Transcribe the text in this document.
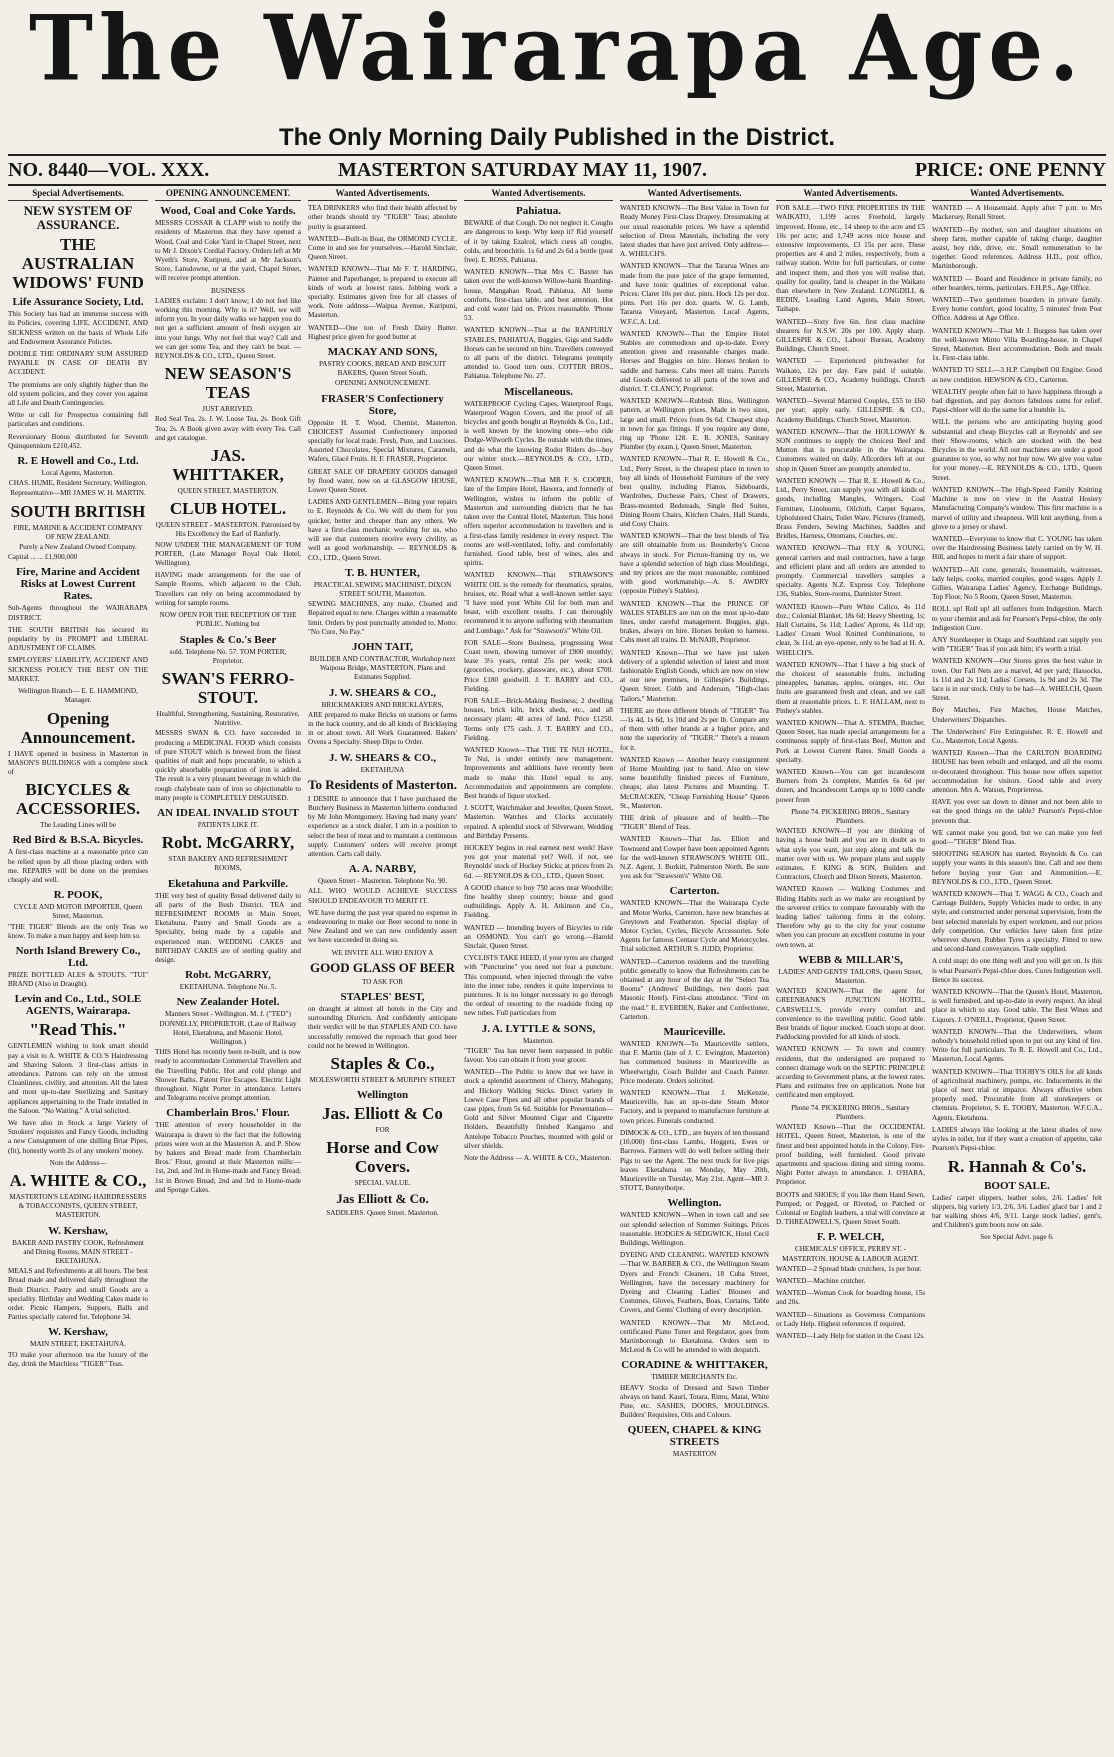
The Wairarapa Age.
The Only Morning Daily Published in the District.
NO. 8440—VOL. XXX.	MASTERTON SATURDAY MAY 11, 1907.	PRICE: ONE PENNY
Special Advertisements.
NEW SYSTEM OF ASSURANCE.
THE AUSTRALIAN WIDOWS' FUND
Life Assurance Society, Ltd.
This Society has had an immense success with its Policies, covering LIFE, ACCIDENT, AND SICKNESS written on the basis of Whole Life and Endowment Assurance Policies.
DOUBLE THE ORDINARY SUM ASSURED PAYABLE IN CASE OF DEATH BY ACCIDENT.
The premiums are only slightly higher than the old system policies, and they cover you against all Life and Death Contingencies.
Write or call for Prospectus containing full particulars and conditions.
Reversionary Bonus distributed for Seventh Quinquennium £210,452.
R. E Howell and Co., Ltd.
Local Agents, Masterton.
CHAS. HUME, Resident Secretary, Wellington.
Representative—MR JAMES W. H. MARTIN.
SOUTH BRITISH
FIRE, MARINE & ACCIDENT COMPANY OF NEW ZEALAND.
Purely a New Zealand Owned Company.
Capital ... ... £1,900,000
Fire, Marine and Accident Risks at Lowest Current Rates.
Sub-Agents throughout the WAIRARAPA DISTRICT.
THE SOUTH BRITISH has secured its popularity by its PROMPT and LIBERAL ADJUSTMENT OF CLAIMS.
EMPLOYERS' LIABILITY, ACCIDENT AND SICKNESS POLICY THE BEST ON THE MARKET.
Wellington Branch— E. E. HAMMOND, Manager.
Opening Announcement.
I HAVE opened in business in Masterton in MASON'S BUILDINGS with a complete stock of
BICYCLES & ACCESSORIES.
The Leading Lines will be
Red Bird & B.S.A. Bicycles.
A first-class machine at a reasonable price can be relied upon by all those placing orders with me. REPAIRS will be done on the premises cheaply and well.
R. POOK,
CYCLE AND MOTOR IMPORTER, Queen Street, Masterton.
"THE TIGER" Blends are the only Teas we know. To make a man happy and keep him so.
North Island Brewery Co., Ltd.
PRIZE BOTTLED ALES & STOUTS. "TUI" BRAND (Also in Draught).
Levin and Co., Ltd., SOLE AGENTS, Wairarapa.
"Read This."
GENTLEMEN wishing to look smart should pay a visit to A. WHITE & CO.'S Hairdressing and Shaving Saloon. 3 first-class artists in attendance. Patrons can rely on the utmost Cleanliness, civility, and attention. All the latest and most up-to-date Sterilizing and Sanitary appliances appertaining to the Trade installed in the Saloon. "No Waiting." A trial solicited.
We have also in Stock a large Variety of Smokers' requisites and Fancy Goods, including a new Consignment of one shilling Briar Pipes, (fit), honestly worth 2s of any smokers' money.
Note the Address—
A. WHITE & CO.,
MASTERTON'S LEADING HAIRDRESSERS & TOBACCONISTS, QUEEN STREET, MASTERTON.
W. Kershaw,
BAKER AND PASTRY COOK, Refreshment and Dining Rooms, MAIN STREET - EKETAHUNA.
MEALS and Refreshments at all hours. The best Bread made and delivered daily throughout the Bush District. Pastry and small Goods are a speciality. Birthday and Wedding Cakes made to order. Picnic Hampers, Suppers, Balls and Parties specially catered for. Telephone 34.
W. Kershaw,
MAIN STREET, EKETAHUNA.
TO make your afternoon tea the luxury of the day, drink the Matchless "TIGER" Teas.
OPENING ANNOUNCEMENT.
Wood, Coal and Coke Yards.
MESSRS COSSAR & CLAPP wish to notify the residents of Masterton that they have opened a Wood, Coal and Coke Yard in Chapel Street, next to Mr J. Dixon's Cordial Factory. Orders left at Mr Wyeth's Store, Kuripuni, and at Mr Jackson's Store, Lansdowne, or at the yard, Chapel Street, will receive prompt attention.
BUSINESS
LADIES exclaim: I don't know; I do not feel like working this morning. Why is it? Well, we will inform you. In your daily walks we happen you do not get a sufficient amount of fresh oxygen air into your lungs. Why not feel that way? Call and we can get some Tea, and they can't be beat. — REYNOLDS & CO., LTD., Queen Street.
NEW SEASON'S TEAS
JUST ARRIVED.
Red Seal Tea, 2s. J. W. Loose Tea, 2s. Book Gift Tea, 2s. A Book given away with every Tea. Call and get catalogue.
JAS. WHITTAKER,
QUEEN STREET, MASTERTON.
CLUB HOTEL.
QUEEN STREET - MASTERTON. Patronised by His Excellency the Earl of Ranfurly.
NOW UNDER THE MANAGEMENT OF TOM PORTER, (Late Manager Royal Oak Hotel, Wellington).
HAVING made arrangements for the use of Sample Rooms, which adjacent to the Club, Travellers can rely on being accommodated by writing for sample rooms.
NOW OPEN FOR THE RECEPTION OF THE PUBLIC. Nothing but
Staples & Co.'s Beer
sold. Telephone No. 57. TOM PORTER, Proprietor.
SWAN'S FERRO-STOUT.
Healthful, Strengthening, Sustaining, Restorative, Nutritive.
MESSRS SWAN & CO. have succeeded in producing a MEDICINAL FOOD which consists of pure STOUT which is brewed from the finest qualities of malt and hops procurable, to which a quickly absorbable preparation of iron is added. The result is a very pleasant beverage in which the rough chalybeate taste of iron so objectionable to many people is COMPLETELY DISGUISED.
AN IDEAL INVALID STOUT
PATIENTS LIKE IT.
Robt. McGARRY,
STAR BAKERY AND REFRESHMENT ROOMS,
Eketahuna and Parkville.
THE very best of quality Bread delivered daily to all parts of the Bush District. TEA and REFRESHMENT ROOMS in Main Street, Eketahuna. Pastry and Small Goods are a Speciality, being made by a capable and experienced man. WEDDING CAKES and BIRTHDAY CAKES are of sterling quality and design.
Robt. McGARRY,
EKETAHUNA. Telephone No. 5.
New Zealander Hotel.
Manners Street - Wellington. M. J. ("TED") DONNELLY, PROPRIETOR. (Late of Railway Hotel, Eketahuna, and Masonic Hotel, Wellington.)
THIS Hotel has recently been re-built, and is now ready to accommodate Commercial Travellers and the Travelling Public. Hot and cold plunge and Shower Baths. Patent Fire Escapes. Electric Light throughout. Night Porter in attendance. Letters and Telegrams receive prompt attention.
Chamberlain Bros.' Flour.
THE attention of every householder in the Wairarapa is drawn to the fact that the following prizes were won at the Masterton A. and P. Show by bakers and Bread made from Chamberlain Bros.' Flour, ground at their Masterton mills:— 1st, 2nd, and 3rd in Home-made and Fancy Bread; 1st in Brown Bread; 2nd and 3rd in Home-made and Sponge Cakes.
Wanted Advertisements.
TEA DRINKERS who find their health affected by other brands should try "TIGER" Teas; absolute purity is guaranteed.
WANTED—Built-in Boat, the ORMOND CYCLE. Come in and see for yourselves.—Harold Sinclair, Queen Street.
WANTED KNOWN—That Mr F. T. HARDING, Painter and Paperhanger, is prepared to execute all kinds of work at lowest rates. Jobbing work a specialty. Estimates given free for all classes of work. Note address—Waipua Avenue, Kuripuni, Masterton.
WANTED—One ton of Fresh Dairy Butter. Highest price given for good butter at
MACKAY AND SONS,
PASTRY COOKS, BREAD AND BISCUIT BAKERS, Queen Street South.
OPENING ANNOUNCEMENT.
FRASER'S Confectionery Store,
Opposite H. T. Wood, Chemist, Masterton. CHOICEST Assorted Confectionery imported specially for local trade. Fresh, Pure, and Luscious. Assorted Chocolates, Special Mixtures, Caramels, Wafers, Glacé Fruits. H. F. FRASER, Proprietor.
GREAT SALE OF DRAPERY GOODS damaged by flood water, now on at GLASGOW HOUSE, Lower Queen Street.
LADIES AND GENTLEMEN—Bring your repairs to E. Reynolds & Co. We will do them for you quicker, better and cheaper than any others. We have a first-class mechanic working for us, who will see that customers receive every civility, as well as good workmanship. — REYNOLDS & CO., LTD., Queen Street.
T. B. HUNTER,
PRACTICAL SEWING MACHINIST, DIXON STREET SOUTH, Masterton.
SEWING MACHINES, any make, Cleaned and Repaired equal to new. Charges within a reasonable limit. Orders by post punctually attended to. Motto: "No Cure, No Pay."
JOHN TAIT,
BUILDER AND CONTRACTOR, Workshop next Waipoua Bridge, MASTERTON. Plans and Estimates Supplied.
J. W. SHEARS & CO.,
BRICKMAKERS AND BRICKLAYERS,
ARE prepared to make Bricks on stations or farms in the back country, and do all kinds of Bricklaying in or about town. All Work Guaranteed. Bakers' Ovens a Specialty. Sheep Dips to Order.
J. W. SHEARS & CO.,
EKETAHUNA
To Residents of Masterton.
I DESIRE to announce that I have purchased the Butchery Business in Masterton hitherto conducted by Mr John Montgomery. Having had many years' experience as a stock dealer, I am in a position to select the best of meat and to maintain a continuous supply. Customers' orders will receive prompt attention. Carts call daily.
A. A. NARBY,
Queen Street - Masterton. Telephone No. 90.
ALL WHO WOULD ACHIEVE SUCCESS SHOULD ENDEAVOUR TO MERIT IT.
WE have during the past year spared no expense in endeavouring to make our Beer second to none in New Zealand and we can now confidently assert we have succeeded in doing so.
WE INVITE ALL WHO ENJOY A
GOOD GLASS OF BEER
TO ASK FOR
STAPLES' BEST,
on draught at almost all hotels in the City and surrounding Districts. And confidently anticipate their verdict will be that STAPLES AND CO. have successfully removed the reproach that good beer could not be brewed in Wellington.
Staples & Co.,
MOLESWORTH STREET & MURPHY STREET
Wellington
Jas. Elliott & Co
FOR
Horse and Cow Covers.
SPECIAL VALUE.
Jas Elliott & Co.
SADDLERS. Queen Street. Masterton.
Wanted Advertisements.
Pahiatua.
BEWARE of that Cough. Do not neglect it. Coughs are dangerous to keep. Why keep it? Rid yourself of it by taking Ezalcol, which cures all coughs, colds, and bronchitis. 1s 6d and 2s 6d a bottle (post free). E. ROSS, Pahiatua.
WANTED KNOWN—That Mrs C. Baxter has taken over the well-known Willow-bank Boarding-house, Mangahao Road, Pahiatua. All home comforts, first-class table, and best attention. Hot and cold water laid on. Prices reasonable. 'Phone 53.
WANTED KNOWN—That at the RANFURLY STABLES, PAHIATUA, Buggies, Gigs and Saddle Horses can be secured on hire. Travellers conveyed to all parts of the district. Telegrams promptly attended to. Good turn outs. COTTER BROS., Pahiatua. Telephone No. 27.
Miscellaneous.
WATERPROOF Cycling Capes, Waterproof Rugs, Waterproof Wagon Covers, and the proof of all bicycles and goods bought at Reynolds & Co., Ltd., is well known by the knowing ones—who ride Dodge-Wilworth Cycles. Be outside with the times, and do what the knowing Rodor Riders do—buy our winter stock.—REYNOLDS & CO., LTD., Queen Street.
WANTED KNOWN—That MR F. S. COOPER, late of the Empire Hotel, Hawera, and formerly of Wellington, wishes to inform the public of Masterton and surrounding districts that he has taken over the Central Hotel, Masterton. This hotel offers superior accommodation to travellers and is a first-class family residence in every respect. The rooms are well-ventilated, lofty, and comfortably furnished. Good table, best of wines, ales and spirits.
WANTED KNOWN—That STRAWSON'S WHITE OIL is the remedy for rheumatics, sprains, bruises, etc. Read what a well-known settler says: "I have used your White Oil for both man and beast, with excellent results. I can thoroughly recommend it to anyone suffering with rheumatism and Lumbago." Ask for "Strawson's" White Oil.
FOR SALE—Store Business, progressing West Coast town, showing turnover of £900 monthly; lease 3½ years, rental 25s per week; stock (groceries, crockery, glassware, etc.), about £700. Price £180 goodwill. J. T. BARRY and CO., Fielding.
FOR SALE—Brick-Making Business; 2 dwelling houses, brick kiln, brick sheds, etc., and all necessary plant; 48 acres of land. Price £1250. Terms only £75 cash. J. T. BARRY and CO., Fielding.
WANTED Known—That THE TE NUI HOTEL, Te Nui, is under entirely new management. Improvements and additions have recently been made to make this Hotel equal to any. Accommodation and appointments are complete. Best brands of liquor stocked.
J. SCOTT, Watchmaker and Jeweller, Queen Street, Masterton. Watches and Clocks accurately repaired. A splendid stock of Silverware, Wedding and Birthday Presents.
HOCKEY begins in real earnest next week! Have you got your material yet? Well, if not, see Reynolds' stock of Hockey Sticks; at prices from 2s 6d. — REYNOLDS & CO., LTD., Queen Street.
A GOOD chance to buy 750 acres near Woodville; fine healthy sheep country; house and good outbuildings. Apply A. H. Atkinson and Co., Fielding.
WANTED — Intending buyers of Bicycles to ride an OSMOND. You can't go wrong.—Harold Sinclair, Queen Street.
CYCLISTS TAKE HEED, if your tyres are charged with "Puncturine" you need not fear a puncture. This compound, when injected through the valve into the inner tube, renders it quite impervious to punctures. It is no longer necessary to go through the ordeal of resorting to the roadside fixing up new tubes. Full particulars from
J. A. LYTTLE & SONS,
Masterton.
"TIGER" Tea has never been surpassed in public favour. You can obtain it from your grocer.
WANTED—The Public to know that we have in stock a splendid assortment of Cherry, Mahogany, and Hickory Walking Sticks. Direct variety in Loewe Case Pipes and all other popular brands of case pipes, from 5s 6d. Suitable for Presentation—Gold and Silver Mounted Cigar and Cigarette Holders. Beautifully finished Kangaroo and Antelope Tobacco Pouches, mounted with gold or silver shields.
Note the Address — A. WHITE & CO., Masterton.
Wanted Advertisements.
WANTED KNOWN—The Best Value in Town for Ready Money First-Class Drapery. Dressmaking at our usual reasonable prices. We have a splendid selection of Dress Materials, including the very latest shades that have just arrived. Only address—A. WHELCH'S.
WANTED KNOWN—That the Tararua Wines are made from the pure juice of the grape fermented, and have tonic qualities of exceptional value. Prices: Claret 10s per doz. pints. Hock 12s per doz. pints. Port 16s per doz. quarts. W. G. Lamb, Tararua Vineyard, Masterton. Local Agents, W.F.C.A. Ltd.
WANTED KNOWN—That the Empire Hotel Stables are commodious and up-to-date. Every attention given and reasonable charges made. Horses and Buggies on hire. Horses broken to saddle and harness. Cabs meet all trains. Parcels and Goods delivered to all parts of the town and district. T. CLANCY, Proprietor.
WANTED KNOWN—Rubbish Bins, Wellington pattern, at Wellington prices. Made in two sizes, large and small. Prices from 9s 6d. Cheapest shop in town for gas fittings. If you require any done, ring up 'Phone 128. E. R. JONES, Sanitary Plumber (by exam.), Queen Street, Masterton.
WANTED KNOWN—That R. E. Howell & Co., Ltd., Perry Street, is the cheapest place in town to buy all kinds of Household Furniture of the very best quality, including Pianos, Sideboards, Wardrobes, Duchesse Pairs, Chest of Drawers, Brass-mounted Bedsteads, Single Bed Suites, Dining Room Chairs, Kitchen Chairs, Hall Stands, and Cosy Chairs.
WANTED KNOWN—That the best blends of Tea are still obtainable from us. Bounderby's Cocoa always in stock. For Picture-framing try us, we have a splendid selection of high class Mouldings, and my prices are the most reasonable, combined with good workmanship.—A. S. AWDRY (opposite Pinhey's Stables).
WANTED KNOWN—That the PRINCE OF WALES STABLES are run on the most up-to-date lines, under careful management. Buggies, gigs, brakes, always on hire. Horses broken to harness. Cabs meet all trains. D. McNAIR, Proprietor.
WANTED Known—That we have just taken delivery of a splendid selection of latest and most fashionable English Goods, which are now on view at our new premises, in Gillespie's Buildings, Queen Street. Cobb and Anderson, "High-class Tailors," Masterton.
THERE are three different blends of "TIGER" Tea—1s 4d, 1s 6d, 1s 10d and 2s per lb. Compare any of them with other brands at a higher price, and note the superiority of "TIGER." There's a reason for it.
WANTED Known — Another heavy consignment of Home Moulding just to hand. Also on view some beautifully finished pieces of Furniture, cheaps; also latest Pictures and Mounting. T. McCRACKEN, "Cheap Furnishing House" Queen St., Masterton.
THE drink of pleasure and of health—The "TIGER" Blend of Teas.
WANTED Known—That Jas. Elliott and Townsend and Cowper have been appointed Agents for the well-known STRAWSON'S WHITE OIL. N.Z. Agent, J. Burkitt, Palmerston North. Be sure you ask for "Strawson's" White Oil.
Carterton.
WANTED KNOWN—That the Wairarapa Cycle and Motor Works, Carterton, have new branches at Greytown and Featherston. Special display of Motor Cycles, Cycles, Bicycle Accessories. Sole Agents for famous Centaur Cycle and Motorcycles. Trial solicited. ARTHUR S. JUDD, Proprietor.
WANTED—Carterton residents and the travelling public generally to know that Refreshments can be obtained at any hour of the day at the "Select Tea Rooms" (Andrews' Buildings, two doors past Masonic Hotel). First-class attendance. "First on the road." E. EVERDEN, Baker and Confectioner, Carterton.
Mauriceville.
WANTED KNOWN—To Mauriceville settlers, that F. Martin (late of J. C. Ewington, Masterton) has commenced business in Mauriceville as Wheelwright, Coach Builder and Coach Painter. Price moderate. Orders solicited.
WANTED KNOWN—That J. McKenzie, Mauriceville, has an up-to-date Steam Motor Factory, and is prepared to manufacture furniture at town prices. Funerals conducted.
DIMOCK & CO., LTD., are buyers of ten thousand (10,000) first-class Lambs, Hoggets, Ewes or Barrows. Farmers will do well before selling their Pigs to see the Agent. The next truck for live pigs leaves Eketahuna on Monday, May 20th, Mauriceville on Tuesday, May 21st. Agent—MR J. STOTT, Bunnythorpe.
Wellington.
WANTED KNOWN—When in town call and see our splendid selection of Summer Suitings. Prices reasonable. HODGES & SEDGWICK, Hotel Cecil Buildings, Wellington.
DYEING AND CLEANING. WANTED KNOWN—That W. BARBER & CO., the Wellington Steam Dyers and French Cleaners, 18 Cuba Street, Wellington, have the necessary machinery for Dyeing and Cleaning Ladies' Blouses and Costumes, Gloves, Feathers, Boas, Curtains, Table Covers, and Gents' Clothing of every description.
WANTED KNOWN—That Mr McLeod, certificated Piano Tuner and Regulator, goes from Martinborough to Eketahuna. Orders sent to McLeod & Co will be attended to with despatch.
CORADINE & WHITTAKER,
TIMBER MERCHANTS Etc.
HEAVY Stocks of Dressed and Sawn Timber always on hand. Kauri, Totara, Rimu, Matai, White Pine, etc. SASHES, DOORS, MOULDINGS. Builders' Requisites, Oils and Colours.
QUEEN, CHAPEL & KING STREETS
MASTERTON
Wanted Advertisements.
FOR SALE.—TWO FINE PROPERTIES IN THE WAIKATO, 1,199 acres Freehold, largely improved. House, etc., 14 sheep to the acre and £5 10s per acre; and 1,749 acres nice house and extensive improvements, £3 15s per acre. These properties are 4 and 2 miles, respectively, from a railway station. Write for full particulars, or come and inspect them, and then you will realise that, quality for quality, land is cheaper in the Waikato than elsewhere in New Zealand. LONGDILL & REDIN, Leading Land Agents, Main Street, Taihape.
WANTED—Sixty five 6in. first class machine shearers for N.S.W. 20s per 100. Apply sharp. GILLESPIE & CO., Labour Bureau, Academy Buildings, Church Street.
WANTED — Experienced pitchwasher for Waikato, 12s per day. Fare paid if suitable. GILLESPIE & CO., Academy buildings, Church Street, Masterton.
WANTED—Several Married Couples, £55 to £60 per year; apply early. GILLESPIE & CO., Academy Buildings, Church Street, Masterton.
WANTED KNOWN—That the HOLLOWAY & SON continues to supply the choicest Beef and Mutton that is procurable in the Wairarapa. Customers waited on daily. Allcorders left at our shop in Queen Street are promptly attended to.
WANTED KNOWN — That R. E. Howell & Co., Ltd., Perry Street, can supply you with all kinds of goods, including Mangles, Wringers, Coal Furniture, Linoleums, Oilcloth, Carpet Squares, Upholstered Chairs, Toilet Ware, Pictures (framed), Brass Fenders, Sewing Machines, Saddles and Bridles, Harness, Ottomans, Couches, etc.
WANTED KNOWN—That FLY & YOUNG, general carriers and mail contractors, have a large and efficient plant and all orders are attended to promptly. Commercial travellers samples a specialty. Agents N.Z. Express Coy. Telephone 136, Stables, Store-rooms, Dannister Street.
WANTED Known—Pure White Calico, 4s 11d doz.; Colonial Blanket, 18s 6d; Heavy Sheeting, 1s; Hall Curtains, 5s 11d; Ladies' Aprons, 4s 11d up; Ladies' Cream Wool Knitted Combinations, to clear, 3s 11d, an eye-opener, only to be had at H. A. WHELCH'S.
WANTED KNOWN—That I have a big stock of the choicest of seasonable fruits, including pineapples, bananas, apples, oranges, etc. Our fruits are guaranteed fresh and clean, and we call them at reasonable prices. L. F. HALLAM, next to Pinhey's stables.
WANTED KNOWN—That A. STEMPA, Butcher, Queen Street, has made special arrangements for a continuous supply of first-class Beef, Mutton and Pork at Lowest Current Rates. Small Goods a specialty.
WANTED Known—You can get incandescent Burners from 2s complete, Mantles 6s 6d per dozen, and Incandescent Lamps up to 1000 candle power from
Phone 74. PICKERING BROS., Sanitary Plumbers.
WANTED KNOWN—If you are thinking of having a house built and you are in doubt as to what style you want, just step along and talk the matter over with us. We prepare plans and supply estimates. F. KING & SON, Builders and Contractors, Church and Dixon Streets, Masterton.
WANTED Known — Walking Costumes and Riding Habits such as we make are recognised by the severest critics to compare favourably with the leading ladies' tailoring firms in the colony. Therefore why go to the city for your costume when you can procure an excellent costume in your own town, at
WEBB & MILLAR'S,
LADIES' AND GENTS' TAILORS, Queen Street, Masterton.
WANTED KNOWN—That the agent for GREENBANK'S JUNCTION HOTEL, CARSWELL'S, provide every comfort and convenience to the travelling public. Good table. Best brands of liquor stocked. Coach stops at door. Paddocking provided for all kinds of stock.
WANTED KNOWN — To town and country residents, that the undersigned are prepared to connect drainage work on the SEPTIC PRINCIPLE according to Government plans, at the lowest rates. Plans and estimates free on application. None but certificated men employed.
Phone 74. PICKERING BROS., Sanitary Plumbers.
WANTED Known—That the OCCIDENTAL HOTEL, Queen Street, Masterton, is one of the finest and best appointed hotels in the Colony. Fire-proof building, well furnished. Good private apartments and spacious dining and sitting rooms. Night Porter always in attendance. J. O'HARA, Proprietor.
BOOTS and SHOES; if you like them Hand Sewn, Pumped, or Pegged, or Riveted, or Patched or Colonial or English leathers, a trial will convince at D. THREADWELL'S, Queen Street South.
F. P. WELCH,
CHEMICALS' OFFICE, PERRY ST. - MASTERTON. HOUSE & LABOUR AGENT.
WANTED—2 Spread blade crutchers, 1s per hour.
WANTED—Machine crutcher.
WANTED—Woman Cook for boarding house, 15s and 20s.
WANTED—Situations as Governess Companions or Lady Help. Highest references if required.
WANTED—Lady Help for station in the Coast 12s.
Wanted Advertisements.
WANTED — A Housemaid. Apply after 7 p.m. to Mrs Mackersey, Renall Street.
WANTED—By mother, son and daughter situations on sheep farm, mother capable of taking charge, daughter assist, boy ride, drive, etc. Small remuneration to be together. Good references. Address H.D., post office, Martinborough.
WANTED — Board and Residence in private family, no other boarders, terms, particulars. F.H.P.S., Age Office.
WANTED—Two gentlemen boarders in private family. Every home comfort, good locality, 5 minutes' from Post Office. Address at Age Office.
WANTED KNOWN—That Mr J. Burgess has taken over the well-known Minto Villa Boarding-house, in Chapel Street, Masterton. Best accommodation. Beds and meals 1s. First-class table.
WANTED TO SELL—3 H.P. Campbell Oil Engine. Good as new condition. HEWSON & CO., Carterton.
WEALTHY people often fail to have happiness through a bad digestion, and pay doctors fabulous sums for relief. Papsi-chloer will do the same for a humble 1s.
WILL the persons who are anticipating buying good substantial and cheap Bicycles call at Reynolds' and see their Show-rooms, which are stocked with the best Bicycles in the world. All our machines are under a good guarantee to you, so why not buy now. We give you value for your money.—E. REYNOLDS & CO., LTD., Queen Street.
WANTED KNOWN—The High-Speed Family Knitting Machine is now on view in the Austral Hosiery Manufacturing Company's window. This first machine is a marvel of utility and cheapness. Will knit anything, from a glove to a jersey or shawl.
WANTED—Everyone to know that C. YOUNG has taken over the Hairdressing Business lately carried on by W. H. Hill, and hopes to merit a fair share of support.
WANTED—All cone, generals, housemaids, waitresses, lady helps, cooks, married couples, good wages. Apply J. Gillies, Wairarapa Ladies' Agency, Exchange Buildings, Top Floor, No 5 Room, Queen Street, Masterton.
ROLL up! Roll up! all sufferers from Indigestion. March to your chemist and ask for Pearson's Pepsi-chloe, the only Indigestion Cure.
ANY Storekeeper in Otago and Southland can supply you with "TIGER" Teas if you ask him; it's worth a trial.
WANTED KNOWN—Our Stores gives the best value in town. Our Fall Nets are a marvel, 4d per yard; Hassocks, 1s 11d and 2s 11d; Ladies' Corsets, 1s 9d and 2s 3d. The lace is in our stock. Only to be had—A. WHELCH, Queen Street.
Boy Matches, Fire Matches, House Matches, Underwriters' Dispatches.
The Underwriters' Fire Extinguisher. R. E. Howell and Co., Masterton, Local Agents.
WANTED Known—That the CARLTON BOARDING HOUSE has been rebuilt and enlarged, and all the rooms re-decorated throughout. This house now offers superior accommodation for visitors. Good table and every attention. Mrs A. Watson, Proprietress.
HAVE you ever sat down to dinner and not been able to eat the good things on the table? Pearson's Pepsi-chloe prevents that.
WE cannot make you good, but we can make you feel good—"TIGER" Blend Teas.
SHOOTING SEASON has started. Reynolds & Co. can supply your wants in this season's line. Call and see them before buying your Gun and Ammunition.—E. REYNOLDS & CO., LTD., Queen Street.
WANTED KNOWN—That T. WAGG & CO., Coach and Carriage Builders, Supply Vehicles made to order, in any style, and constructed under personal supervision, from the best selected materials by expert workmen, and our prices defy competition. Our vehicles have taken first prize wherever shown. Rubber Tyres a specialty. Fitted to new and second-hand conveyances. Trade supplied.
A cold snap; do one thing well and you will get on. Is this is what Pearson's Pepsi-chloe does. Cures Indigestion well. Hence its success.
WANTED KNOWN—That the Queen's Hotel, Masterton, is well furnished, and up-to-date in every respect. An ideal place in which to stay. Good table. The Best Wines and Liquors. J. O'NEILL, Proprietor, Queen Street.
WANTED KNOWN—That the Underwriters, whom nobody's household relied upon to put out any kind of fire. Write for full particulars. To R. E. Howell and Co., Ltd., Masterton, Local Agents.
WANTED KNOWN—That TOOBY'S OILS for all kinds of agricultural machinery, pumps, etc. Inducements in the place of next trial or imparce. Always effective when properly used. Procurable from all storekeepers or chemists. Proprietor, S. E. TOOBY, Masterton. W.F.C.A., Agents, Eketahuna.
LADIES always like looking at the latest shades of new styles in toilet, but if they want a creation of appetite, take Pearson's Pepsi-chloe.
R. Hannah & Co's.
BOOT SALE.
Ladies' carpet slippers, leather soles, 2/6. Ladies' felt slippers, big variety 1/3, 2/6, 3/6. Ladies' glacé bar 1 and 2 bar walking shoes 4/6, 9/11. Large stock ladies', gent's, and Children's gum boots now on sale.
See Special Advt. page 6.
